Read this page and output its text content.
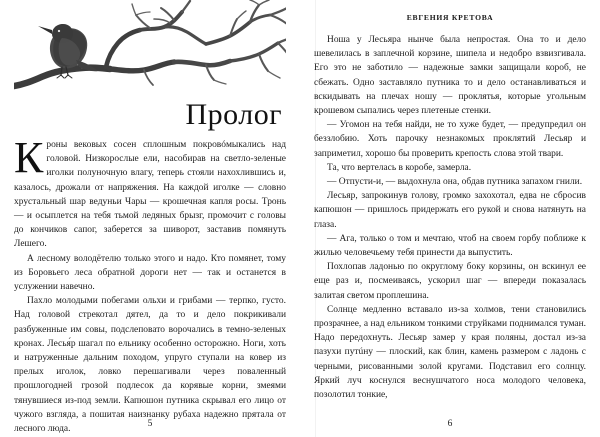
Пролог

Кроны вековых сосен сплошным покровóмыкались над головой. Низкорослые ели, насобирав на светло-зеленые иголки полуночную влагу, теперь стояли нахохлившись и, казалось, дрожали от напряжения. На каждой иголке — словно хрустальный шар ведуньи Чары — крошечная капля росы. Тронь — и осыплется на тебя тьмой ледяных брызг, промочит с головы до кончиков сапог, заберется за шиворот, заставив помянуть Лешего.

А лесному володётелю только этого и надо. Кто помянет, тому из Боровьего леса обратной дороги нет — так и останется в услужении навечно.

Пахло молодыми побегами ольхи и грибами — терпко, густо. Над головой стрекотал дятел, да то и дело покрикивали разбуженные им совы, подслеповато ворочались в темно-зеленых кронах. Лесья́р шагал по ельнику особенно осторожно. Ноги, хоть и натруженные дальним походом, упруго ступали на ковер из прелых иголок, ловко перешагивали через поваленный прошлогодней грозой подлесок да корявые корни, змеями тянувшиеся из-под земли. Капюшон путника скрывал его лицо от чужого взгляда, а пошитая наизнанку рубаха надежно прятала от лесного люда.

5
ЕВГЕНИЯ КРЕТОВА

Ноша у Лесьяра нынче была непростая. Она то и дело шевелилась в заплечной корзине, шипела и недобро взвизгивала. Его это не заботило — надежные замки защищали короб, не сбежать. Одно заставляло путника то и дело останавливаться и вскидывать на плечах ношу — проклятья, которые угольным крошевом сыпались через плетеные стенки.

— Угомон на тебя найди, не то хуже будет, — предупредил он беззлобию. Хоть парочку незнакомых проклятий Лесьяр и заприметил, хорошо бы проверить крепость слова этой твари.

Та, что вертелась в коробе, замерла.

— Отпусти-и, — выдохнула она, обдав путника запахом гнили.

Лесьяр, запрокинув голову, громко захохотал, едва не сбросив капюшон — пришлось придержать его рукой и снова натянуть на глаза.

— Ага, только о том и мечтаю, чтоб на своем горбу поближе к жилью человечьему тебя принести да выпустить.

Похлопав ладонью по округлому боку корзины, он вскинул ее еще раз и, посмеиваясь, ускорил шаг — впереди показалась залитая светом проплешина.

Солнце медленно вставало из-за холмов, тени становились прозрачнее, а над ельником тонкими струйками поднимался туман. Надо передохнуть. Лесьяр замер у края поляны, достал из-за пазухи путúну — плоский, как блин, камень размером с ладонь с черными, рисованными золой кругами. Подставил его солнцу. Яркий луч коснулся веснушчатого носа молодого человека, позолотил тонкие,

6
